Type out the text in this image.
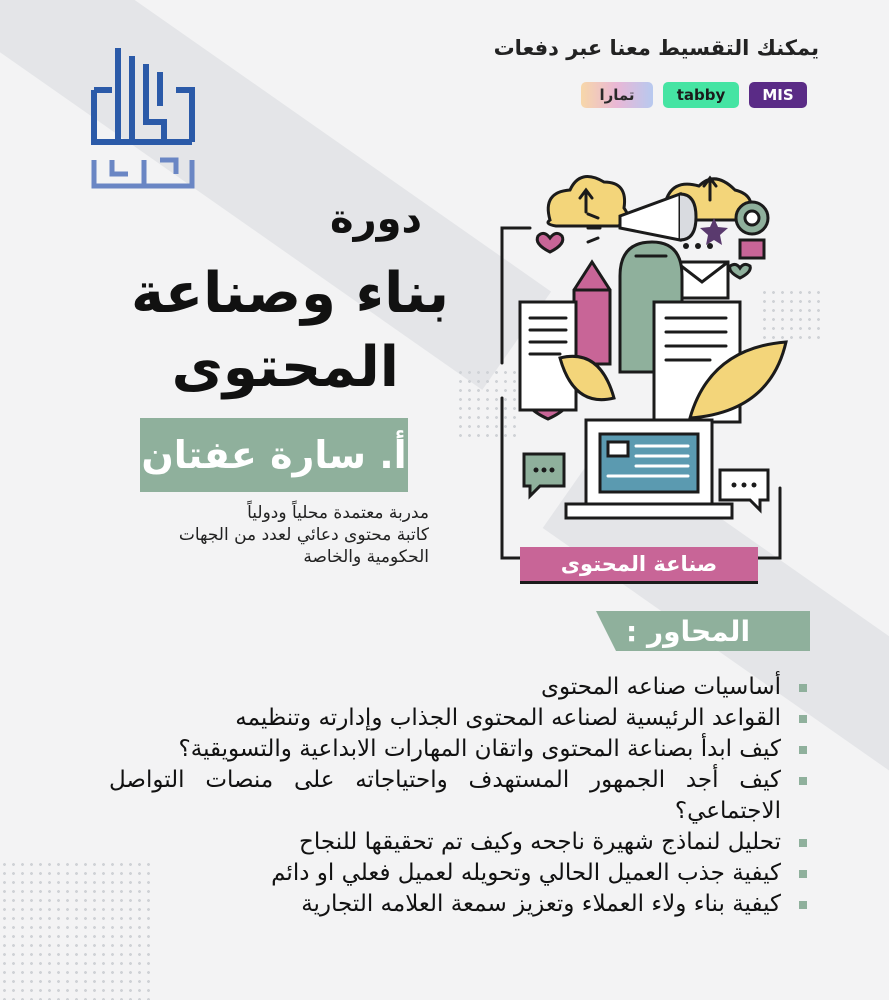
يمكنك التقسيط معنا عبر دفعات
MIS
tabby
تمارا
دورة
بناء وصناعة
المحتوى
أ. سارة عفتان
مدربة معتمدة محلياً ودولياً
كاتبة محتوى دعائي لعدد من الجهات
الحكومية والخاصة	صناعة المحتوى
المحاور :
أساسيات صناعه المحتوى
القواعد الرئيسية لصناعه المحتوى الجذاب وإدارته وتنظيمه
كيف ابدأ بصناعة المحتوى واتقان المهارات الابداعية والتسويقية؟
كيف أجد الجمهور المستهدف واحتياجاته على منصات التواصل الاجتماعي؟
تحليل لنماذج شهيرة ناجحه وكيف تم تحقيقها للنجاح
كيفية جذب العميل الحالي وتحويله لعميل فعلي او دائم
كيفية بناء ولاء العملاء وتعزيز سمعة العلامه التجارية
